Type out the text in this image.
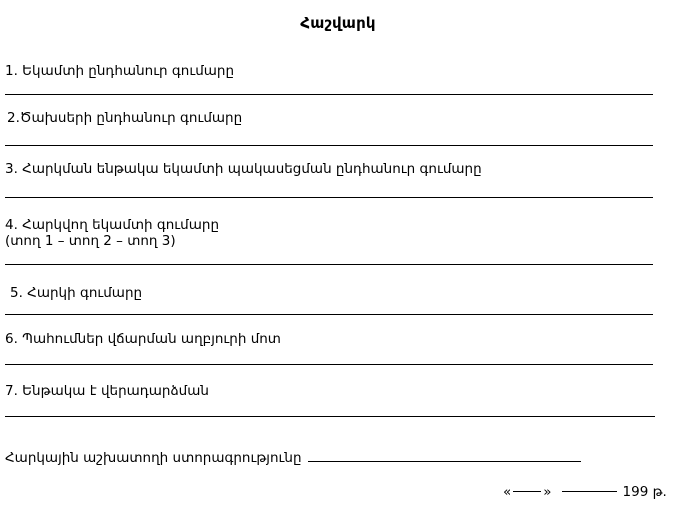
Հաշվարկ
1. Եկամտի ընդհանուր գումարը
2.Ծախսերի ընդհանուր գումարը
3. Հարկման ենթակա եկամտի պակասեցման ընդհանուր գումարը
4. Հարկվող եկամտի գումարը
(տող 1 – տող 2 – տող 3)
5. Հարկի գումարը
6. Պահումներ վճարման աղբյուրի մոտ
7. Ենթակա է վերադարձման
Հարկային աշխատողի ստորագրությունը
« »	199 թ.
